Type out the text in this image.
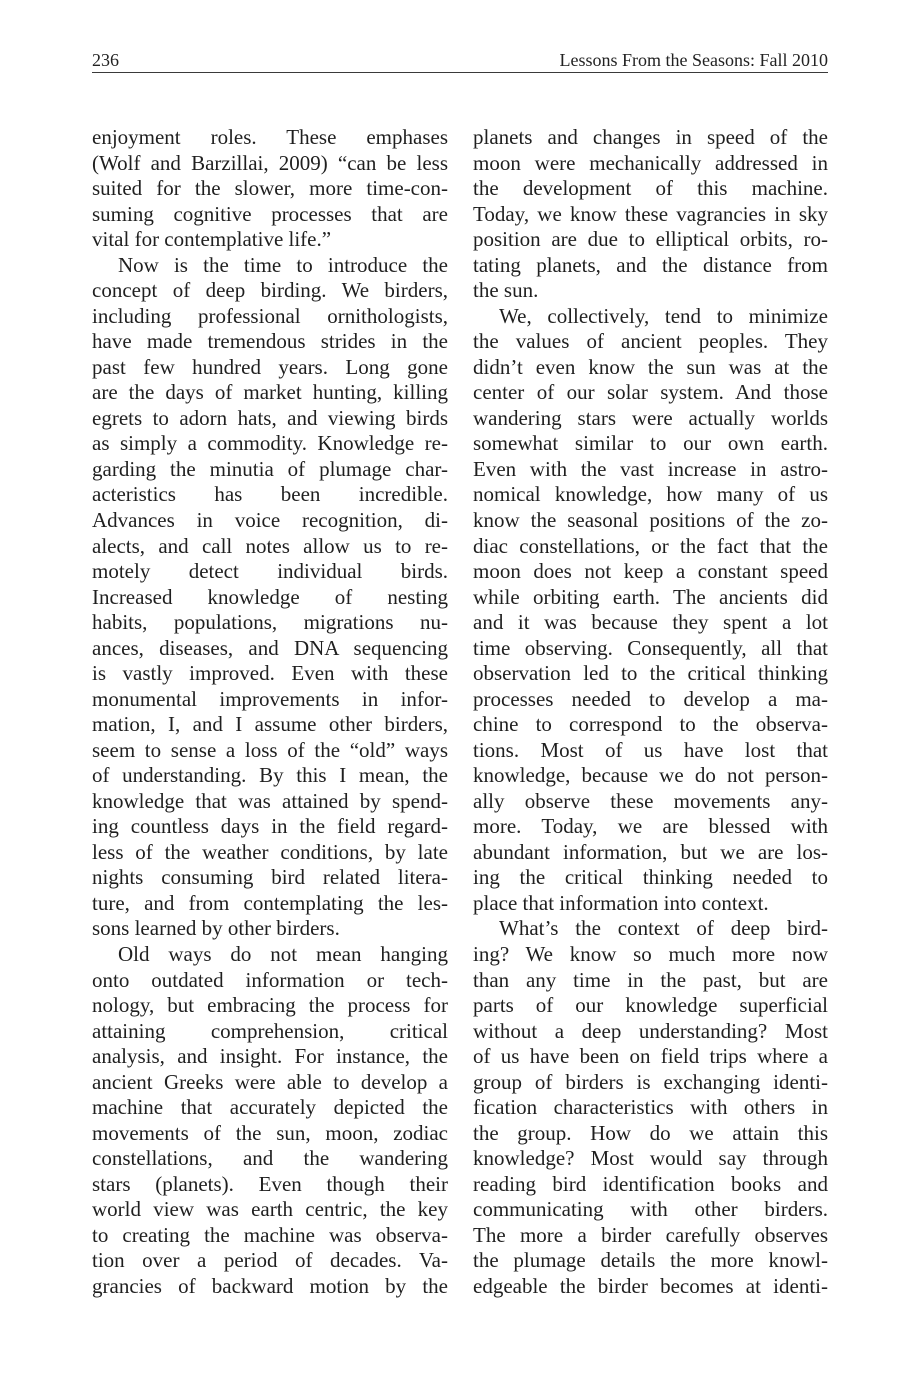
236	Lessons From the Seasons: Fall 2010
enjoyment roles. These emphases
(Wolf and Barzillai, 2009) “can be less
suited for the slower, more time-con-
suming cognitive processes that are
vital for contemplative life.”
Now is the time to introduce the
concept of deep birding. We birders,
including professional ornithologists,
have made tremendous strides in the
past few hundred years. Long gone
are the days of market hunting, killing
egrets to adorn hats, and viewing birds
as simply a commodity. Knowledge re-
garding the minutia of plumage char-
acteristics has been incredible.
Advances in voice recognition, di-
alects, and call notes allow us to re-
motely detect individual birds.
Increased knowledge of nesting
habits, populations, migrations nu-
ances, diseases, and DNA sequencing
is vastly improved. Even with these
monumental improvements in infor-
mation, I, and I assume other birders,
seem to sense a loss of the “old” ways
of understanding. By this I mean, the
knowledge that was attained by spend-
ing countless days in the field regard-
less of the weather conditions, by late
nights consuming bird related litera-
ture, and from contemplating the les-
sons learned by other birders.
Old ways do not mean hanging
onto outdated information or tech-
nology, but embracing the process for
attaining comprehension, critical
analysis, and insight. For instance, the
ancient Greeks were able to develop a
machine that accurately depicted the
movements of the sun, moon, zodiac
constellations, and the wandering
stars (planets). Even though their
world view was earth centric, the key
to creating the machine was observa-
tion over a period of decades. Va-
grancies of backward motion by the
planets and changes in speed of the
moon were mechanically addressed in
the development of this machine.
Today, we know these vagrancies in sky
position are due to elliptical orbits, ro-
tating planets, and the distance from
the sun.
We, collectively, tend to minimize
the values of ancient peoples. They
didn’t even know the sun was at the
center of our solar system. And those
wandering stars were actually worlds
somewhat similar to our own earth.
Even with the vast increase in astro-
nomical knowledge, how many of us
know the seasonal positions of the zo-
diac constellations, or the fact that the
moon does not keep a constant speed
while orbiting earth. The ancients did
and it was because they spent a lot
time observing. Consequently, all that
observation led to the critical thinking
processes needed to develop a ma-
chine to correspond to the observa-
tions. Most of us have lost that
knowledge, because we do not person-
ally observe these movements any-
more. Today, we are blessed with
abundant information, but we are los-
ing the critical thinking needed to
place that information into context.
What’s the context of deep bird-
ing? We know so much more now
than any time in the past, but are
parts of our knowledge superficial
without a deep understanding? Most
of us have been on field trips where a
group of birders is exchanging identi-
fication characteristics with others in
the group. How do we attain this
knowledge? Most would say through
reading bird identification books and
communicating with other birders.
The more a birder carefully observes
the plumage details the more knowl-
edgeable the birder becomes at identi-
